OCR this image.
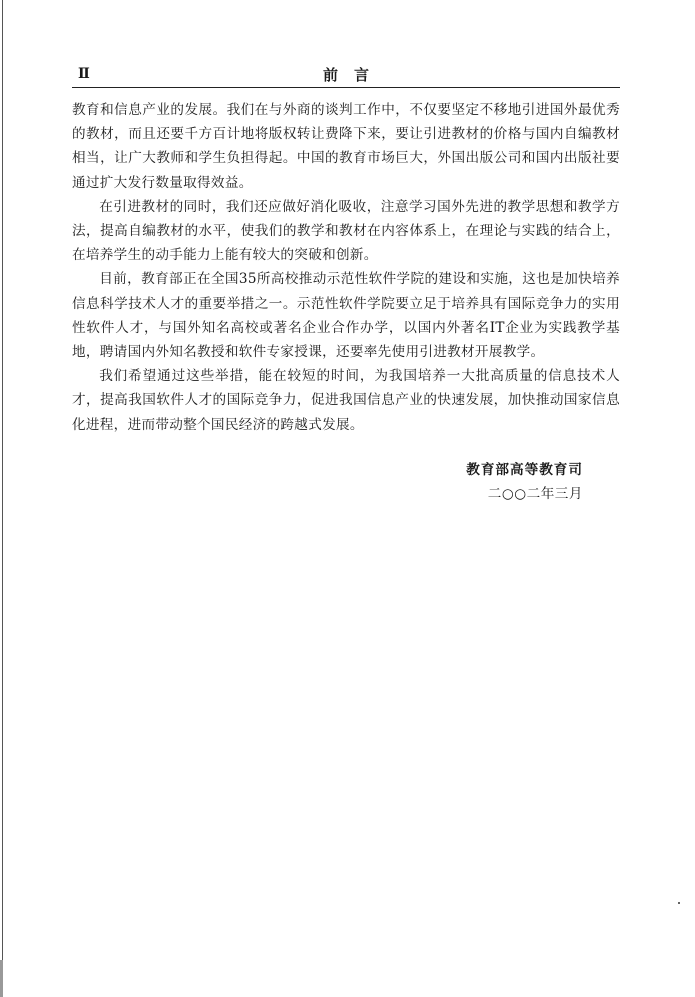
Ⅱ	前言

教育和信息产业的发展。我们在与外商的谈判工作中，不仅要坚定不移地引进国外最优秀的教材，而且还要千方百计地将版权转让费降下来，要让引进教材的价格与国内自编教材相当，让广大教师和学生负担得起。中国的教育市场巨大，外国出版公司和国内出版社要通过扩大发行数量取得效益。

在引进教材的同时，我们还应做好消化吸收，注意学习国外先进的教学思想和教学方法，提高自编教材的水平，使我们的教学和教材在内容体系上，在理论与实践的结合上，在培养学生的动手能力上能有较大的突破和创新。

目前，教育部正在全国35所高校推动示范性软件学院的建设和实施，这也是加快培养信息科学技术人才的重要举措之一。示范性软件学院要立足于培养具有国际竞争力的实用性软件人才，与国外知名高校或著名企业合作办学，以国内外著名IT企业为实践教学基地，聘请国内外知名教授和软件专家授课，还要率先使用引进教材开展教学。

我们希望通过这些举措，能在较短的时间，为我国培养一大批高质量的信息技术人才，提高我国软件人才的国际竞争力，促进我国信息产业的快速发展，加快推动国家信息化进程，进而带动整个国民经济的跨越式发展。

教育部高等教育司
二○○二年三月
